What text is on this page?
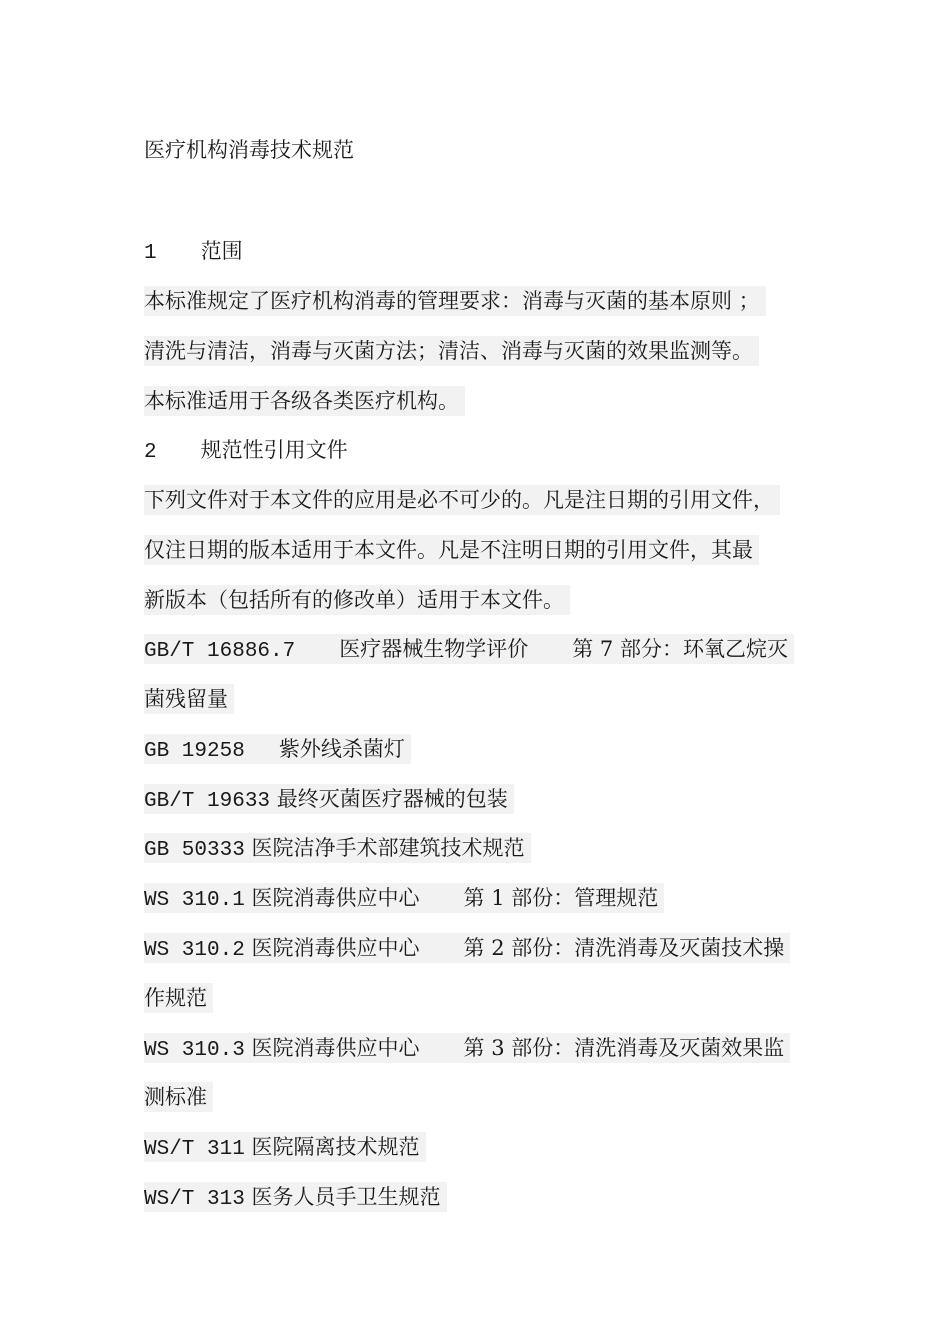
医疗机构消毒技术规范
1 范围
本标准规定了医疗机构消毒的管理要求：消毒与灭菌的基本原则 ；
清洗与清洁，消毒与灭菌方法；清洁、消毒与灭菌的效果监测等。
本标准适用于各级各类医疗机构。
2 规范性引用文件
下列文件对于本文件的应用是必不可少的。凡是注日期的引用文件，
仅注日期的版本适用于本文件。凡是不注明日期的引用文件，其最
新版本（包括所有的修改单）适用于本文件。
GB/T 16886.7 医疗器械生物学评价 第 7 部分：环氧乙烷灭
菌残留量
GB 19258 紫外线杀菌灯
GB/T 19633 最终灭菌医疗器械的包装
GB 50333 医院洁净手术部建筑技术规范
WS 310.1 医院消毒供应中心 第 1 部份：管理规范
WS 310.2 医院消毒供应中心 第 2 部份：清洗消毒及灭菌技术操
作规范
WS 310.3 医院消毒供应中心 第 3 部份：清洗消毒及灭菌效果监
测标准
WS/T 311 医院隔离技术规范
WS/T 313 医务人员手卫生规范
